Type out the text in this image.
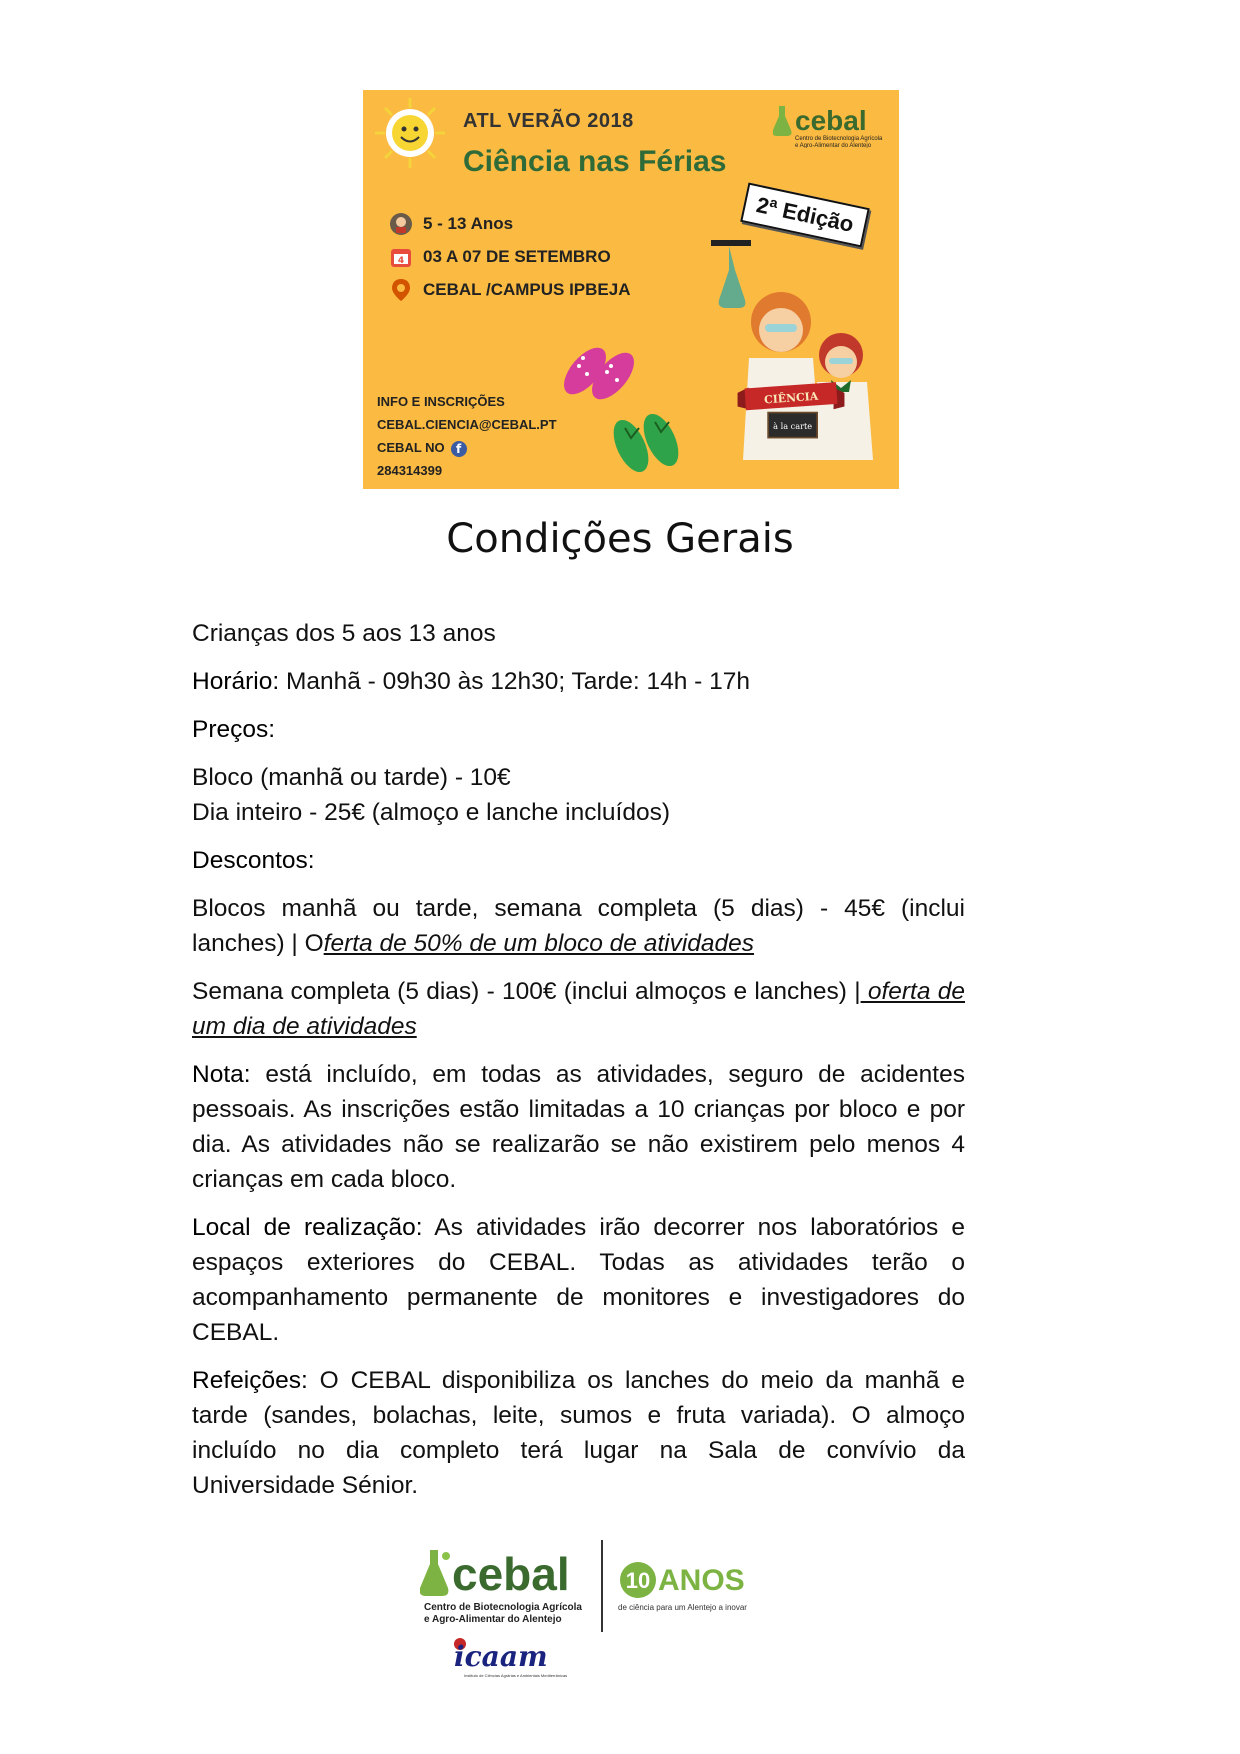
ATL VERÃO 2018
Ciência nas Férias
cebal
Centro de Biotecnologia Agrícola
e Agro-Alimentar do Alentejo
2ª Edição
5 - 13 Anos
4 03 A 07 DE SETEMBRO
CEBAL /CAMPUS IPBEJA
CIÊNCIA
à la carte
INFO E INSCRIÇÕES
CEBAL.CIENCIA@CEBAL.PT
CEBAL NO f
284314399
Condições Gerais

Crianças dos 5 aos 13 anos

Horário: Manhã - 09h30 às 12h30; Tarde: 14h - 17h

Preços:

Bloco (manhã ou tarde) - 10€
Dia inteiro - 25€ (almoço e lanche incluídos)

Descontos:

Blocos manhã ou tarde, semana completa (5 dias) - 45€ (inclui lanches) | Oferta de 50% de um bloco de atividades

Semana completa (5 dias) - 100€ (inclui almoços e lanches) | oferta de um dia de atividades

Nota: está incluído, em todas as atividades, seguro de acidentes pessoais. As inscrições estão limitadas a 10 crianças por bloco e por dia. As atividades não se realizarão se não existirem pelo menos 4 crianças em cada bloco.

Local de realização: As atividades irão decorrer nos laboratórios e espaços exteriores do CEBAL. Todas as atividades terão o acompanhamento permanente de monitores e investigadores do CEBAL.

Refeições: O CEBAL disponibiliza os lanches do meio da manhã e tarde (sandes, bolachas, leite, sumos e fruta variada). O almoço incluído no dia completo terá lugar na Sala de convívio da Universidade Sénior.

cebal
Centro de Biotecnologia Agrícola
e Agro-Alimentar do Alentejo
10 ANOS
de ciência para um Alentejo a inovar
icaam
Instituto de Ciências Agrárias e Ambientais Mediterrânicas
